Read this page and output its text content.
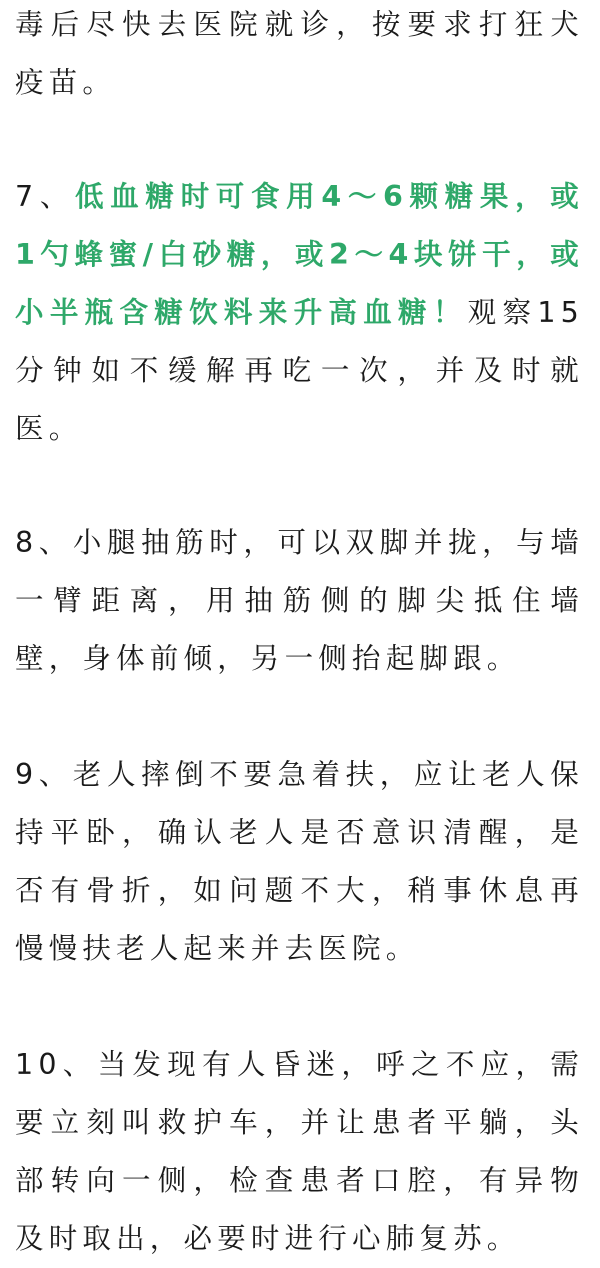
毒后尽快去医院就诊，按要求打狂犬疫苗。

7、低血糖时可食用4～6颗糖果，或1勺蜂蜜/白砂糖，或2～4块饼干，或小半瓶含糖饮料来升高血糖！观察15分钟如不缓解再吃一次，并及时就医。

8、小腿抽筋时，可以双脚并拢，与墙一臂距离，用抽筋侧的脚尖抵住墙壁，身体前倾，另一侧抬起脚跟。

9、老人摔倒不要急着扶，应让老人保持平卧，确认老人是否意识清醒，是否有骨折，如问题不大，稍事休息再慢慢扶老人起来并去医院。

10、当发现有人昏迷，呼之不应，需要立刻叫救护车，并让患者平躺，头部转向一侧，检查患者口腔，有异物及时取出，必要时进行心肺复苏。
